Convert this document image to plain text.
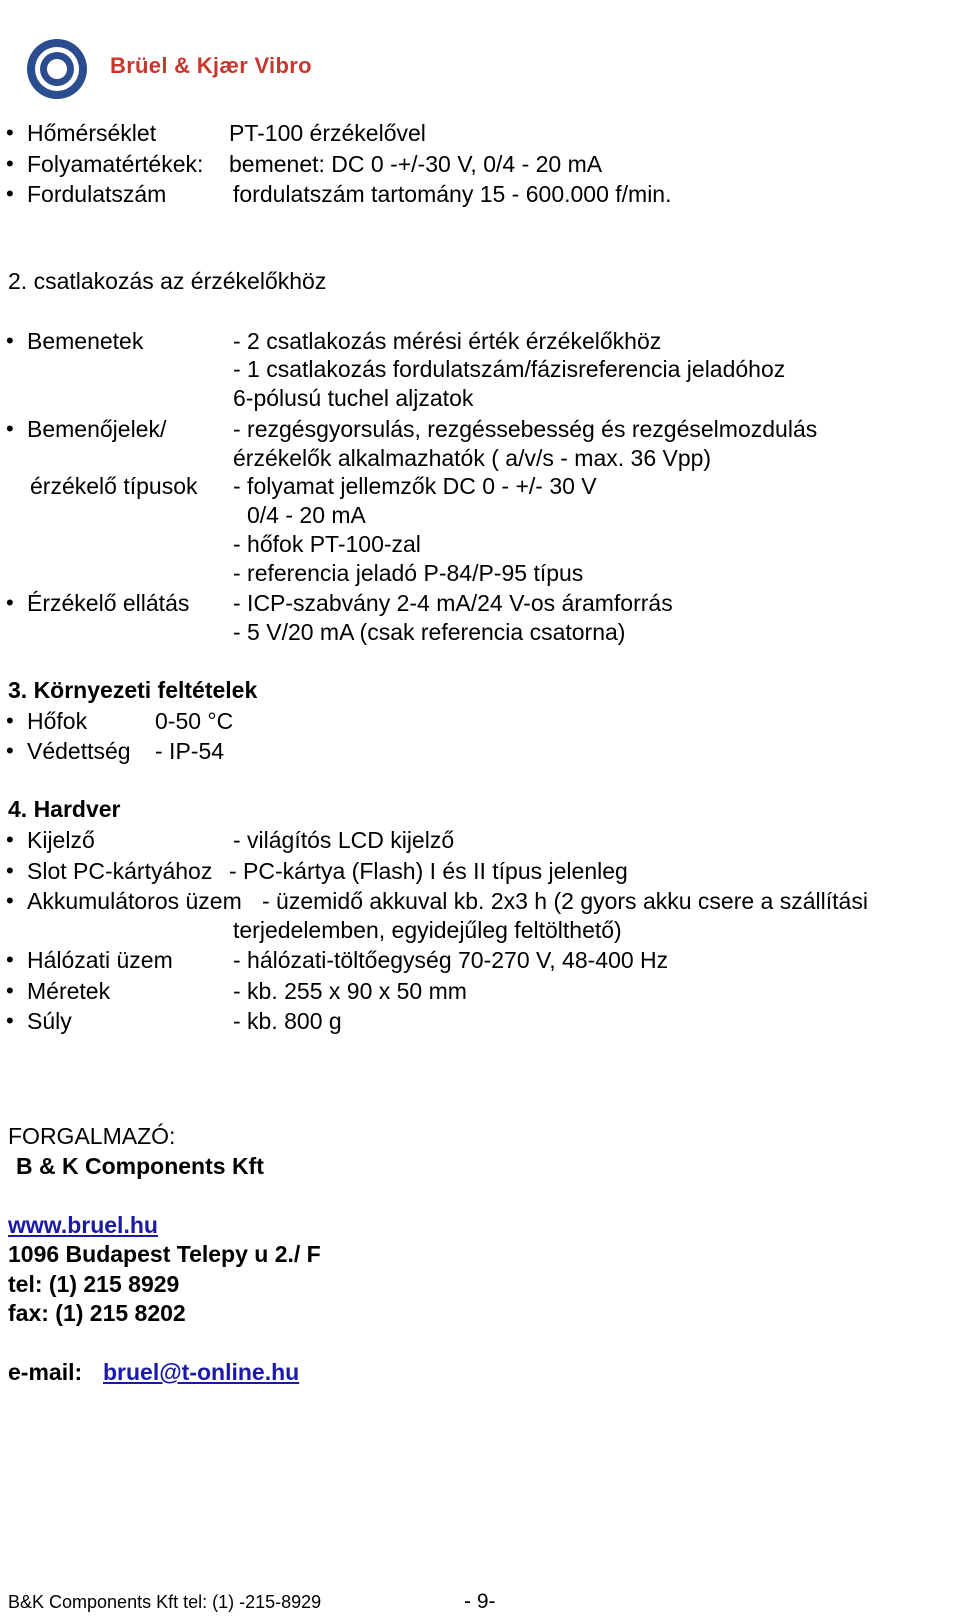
Brüel & Kjær Vibro
• Hőmérséklet	PT-100 érzékelővel
• Folyamatértékek: bemenet: DC 0 -+/-30 V, 0/4 - 20 mA
• Fordulatszám	fordulatszám tartomány 15 - 600.000 f/min.
2. csatlakozás az érzékelőkhöz
• Bemenetek	- 2 csatlakozás mérési érték érzékelőkhöz
- 1 csatlakozás fordulatszám/fázisreferencia jeladóhoz
6-pólusú tuchel aljzatok
• Bemenőjelek/	- rezgésgyorsulás, rezgéssebesség és rezgéselmozdulás
érzékelők alkalmazhatók ( a/v/s - max. 36 Vpp)
érzékelő típusok - folyamat jellemzők DC 0 - +/- 30 V
0/4 - 20 mA
- hőfok PT-100-zal
- referencia jeladó P-84/P-95 típus
• Érzékelő ellátás - ICP-szabvány 2-4 mA/24 V-os áramforrás
- 5 V/20 mA (csak referencia csatorna)
3. Környezeti feltételek
• Hőfok	0-50 °C
• Védettség - IP-54
4. Hardver
• Kijelző	- világítós LCD kijelző
• Slot PC-kártyához - PC-kártya (Flash) I és II típus jelenleg
• Akkumulátoros üzem - üzemidő akkuval kb. 2x3 h (2 gyors akku csere a szállítási
terjedelemben, egyidejűleg feltölthető)
• Hálózati üzem	- hálózati-töltőegység 70-270 V, 48-400 Hz
• Méretek	- kb. 255 x 90 x 50 mm
• Súly	- kb. 800 g
FORGALMAZÓ:
B & K Components Kft
www.bruel.hu
1096 Budapest Telepy u 2./ F
tel: (1) 215 8929
fax: (1) 215 8202
e-mail: bruel@t-online.hu
B&K Components Kft tel: (1) -215-8929	- 9-
